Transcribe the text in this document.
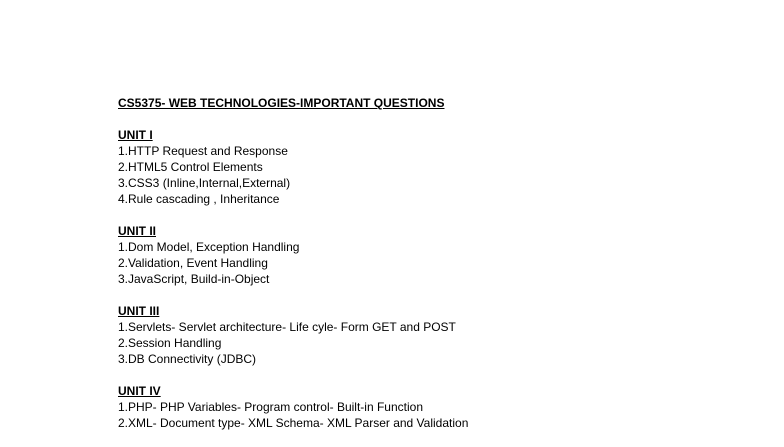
CS5375- WEB TECHNOLOGIES-IMPORTANT QUESTIONS
UNIT I
1.HTTP Request and Response
2.HTML5 Control Elements
3.CSS3 (Inline,Internal,External)
4.Rule cascading , Inheritance
UNIT II
1.Dom Model, Exception Handling
2.Validation, Event Handling
3.JavaScript, Build-in-Object
UNIT III
1.Servlets- Servlet architecture- Life cyle- Form GET and POST
2.Session Handling
3.DB Connectivity (JDBC)
UNIT IV
1.PHP- PHP Variables- Program control- Built-in Function
2.XML- Document type- XML Schema- XML Parser and Validation
